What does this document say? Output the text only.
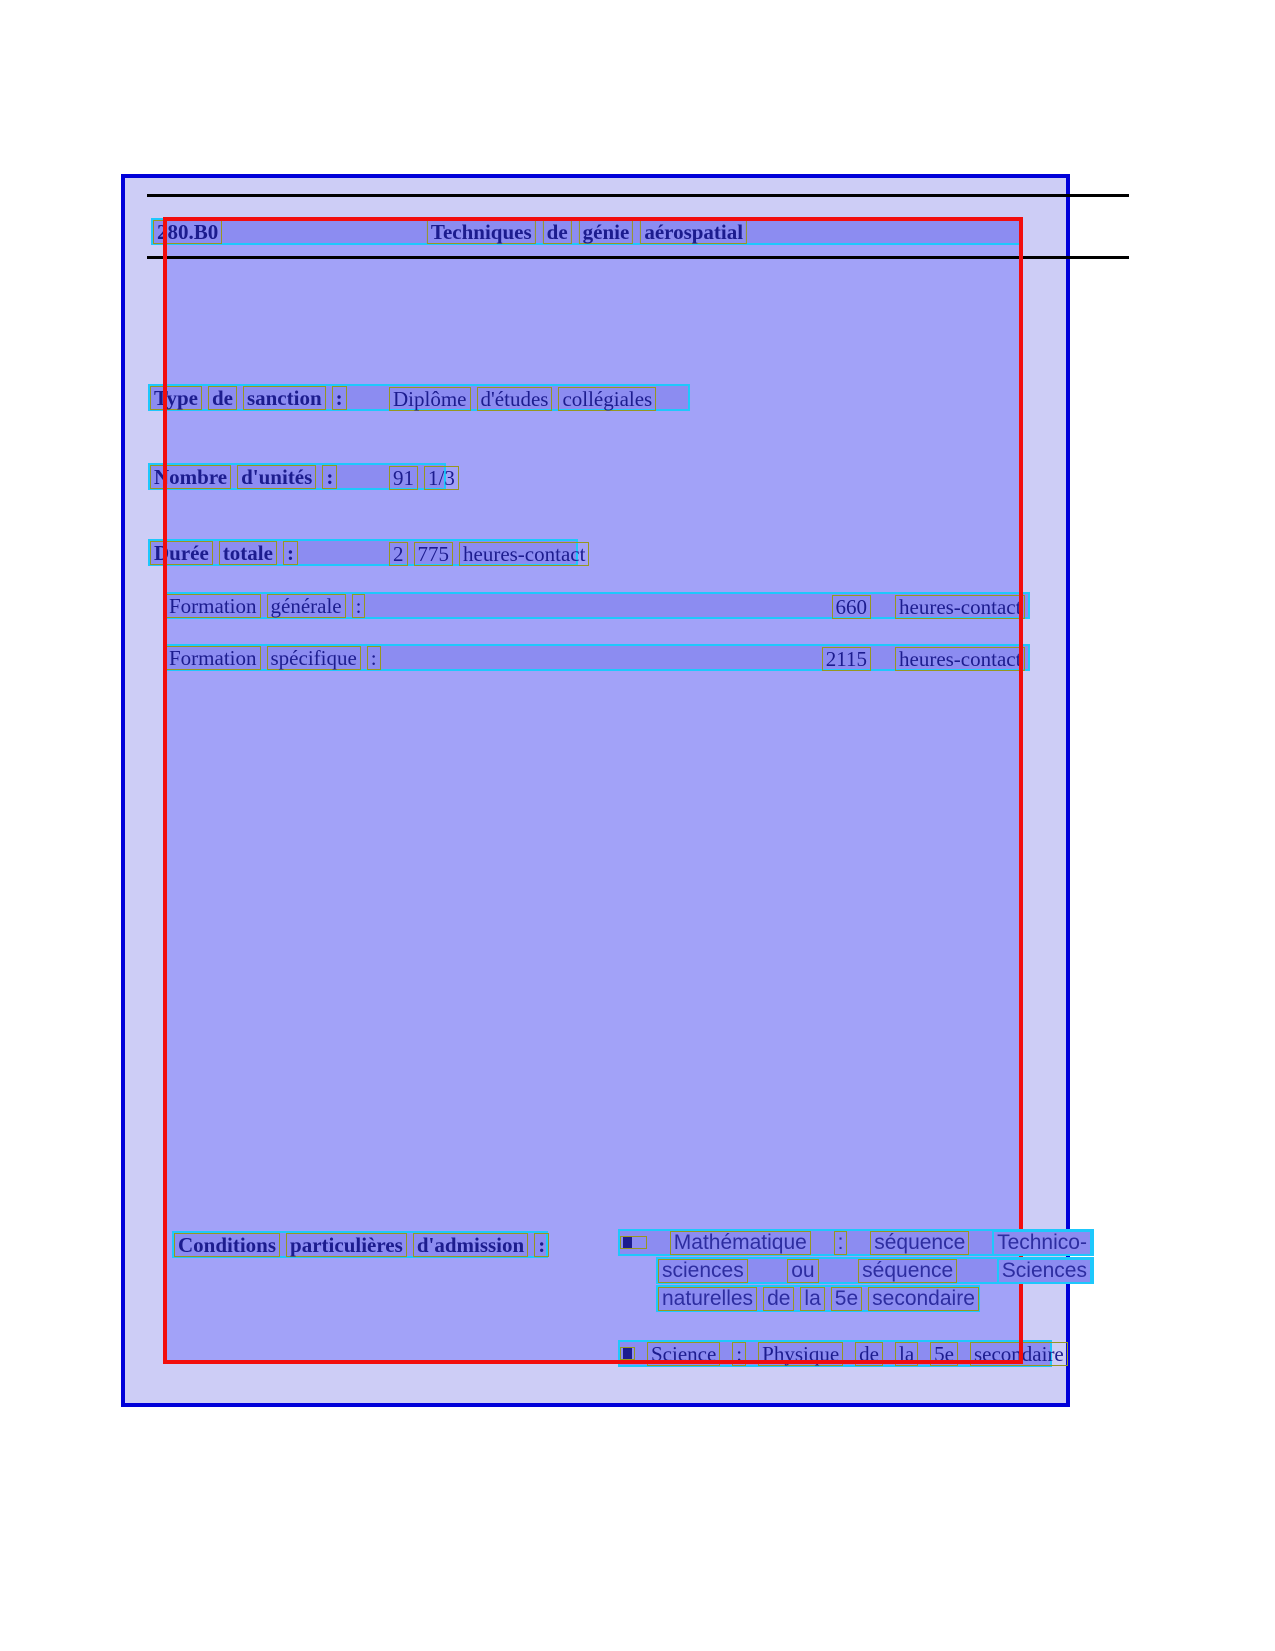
280.B0	Techniques de génie aérospatial
Type de sanction : Diplôme d'études collégiales
Nombre d'unités :	91 1/3
Durée totale :	2 775 heures-contact
Formation générale :	660 heures-contact
Formation spécifique :	2115 heures-contact
Conditions particulières d'admission :	Mathématique : séquence Technico-
sciences ou séquence Sciences
naturelles de la 5e secondaire
Science : Physique de la 5e secondaire
